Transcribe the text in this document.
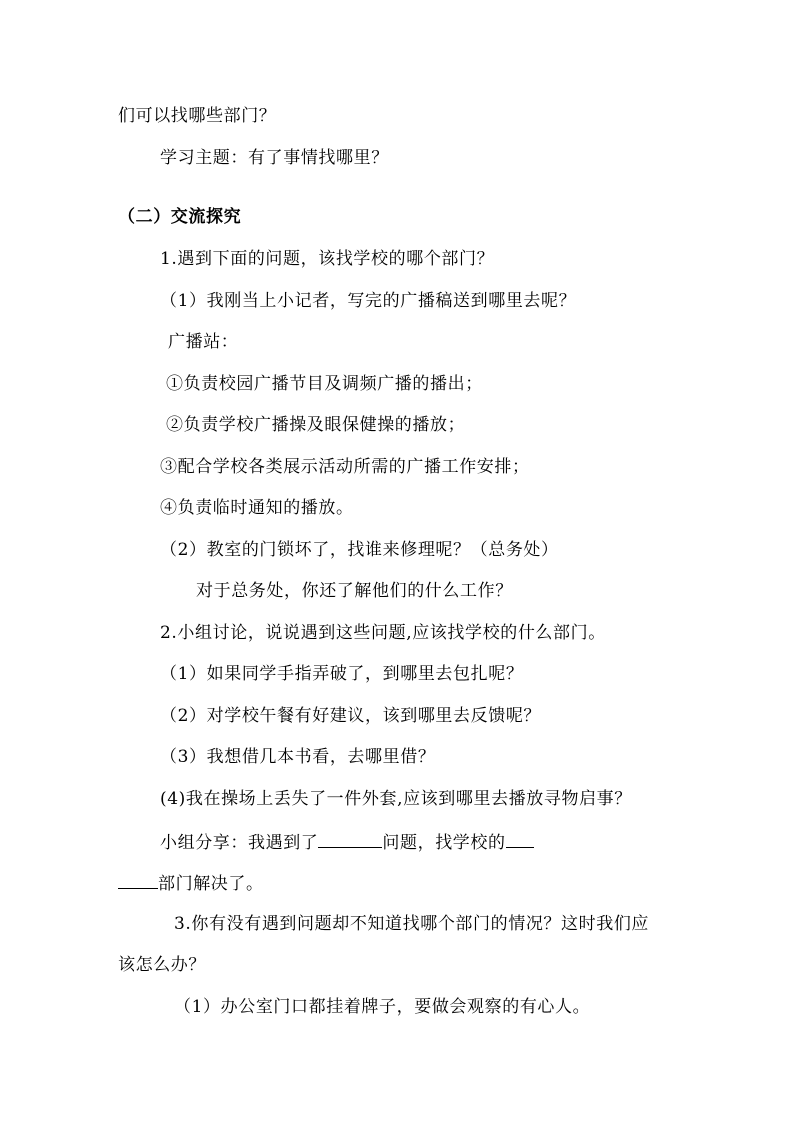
们可以找哪些部门？
学习主题：有了事情找哪里？
（二）交流探究
1.遇到下面的问题，该找学校的哪个部门？
（1）我刚当上小记者，写完的广播稿送到哪里去呢？
广播站：
①负责校园广播节目及调频广播的播出；
②负责学校广播操及眼保健操的播放；
③配合学校各类展示活动所需的广播工作安排；
④负责临时通知的播放。
（2）教室的门锁坏了，找谁来修理呢？（总务处）
对于总务处，你还了解他们的什么工作？
2.小组讨论，说说遇到这些问题,应该找学校的什么部门。
（1）如果同学手指弄破了，到哪里去包扎呢？
（2）对学校午餐有好建议，该到哪里去反馈呢？
（3）我想借几本书看，去哪里借？
(4)我在操场上丢失了一件外套,应该到哪里去播放寻物启事？
小组分享：我遇到了	问题，找学校的
部门解决了。
3.你有没有遇到问题却不知道找哪个部门的情况？这时我们应
该怎么办？
（1）办公室门口都挂着牌子，要做会观察的有心人。
